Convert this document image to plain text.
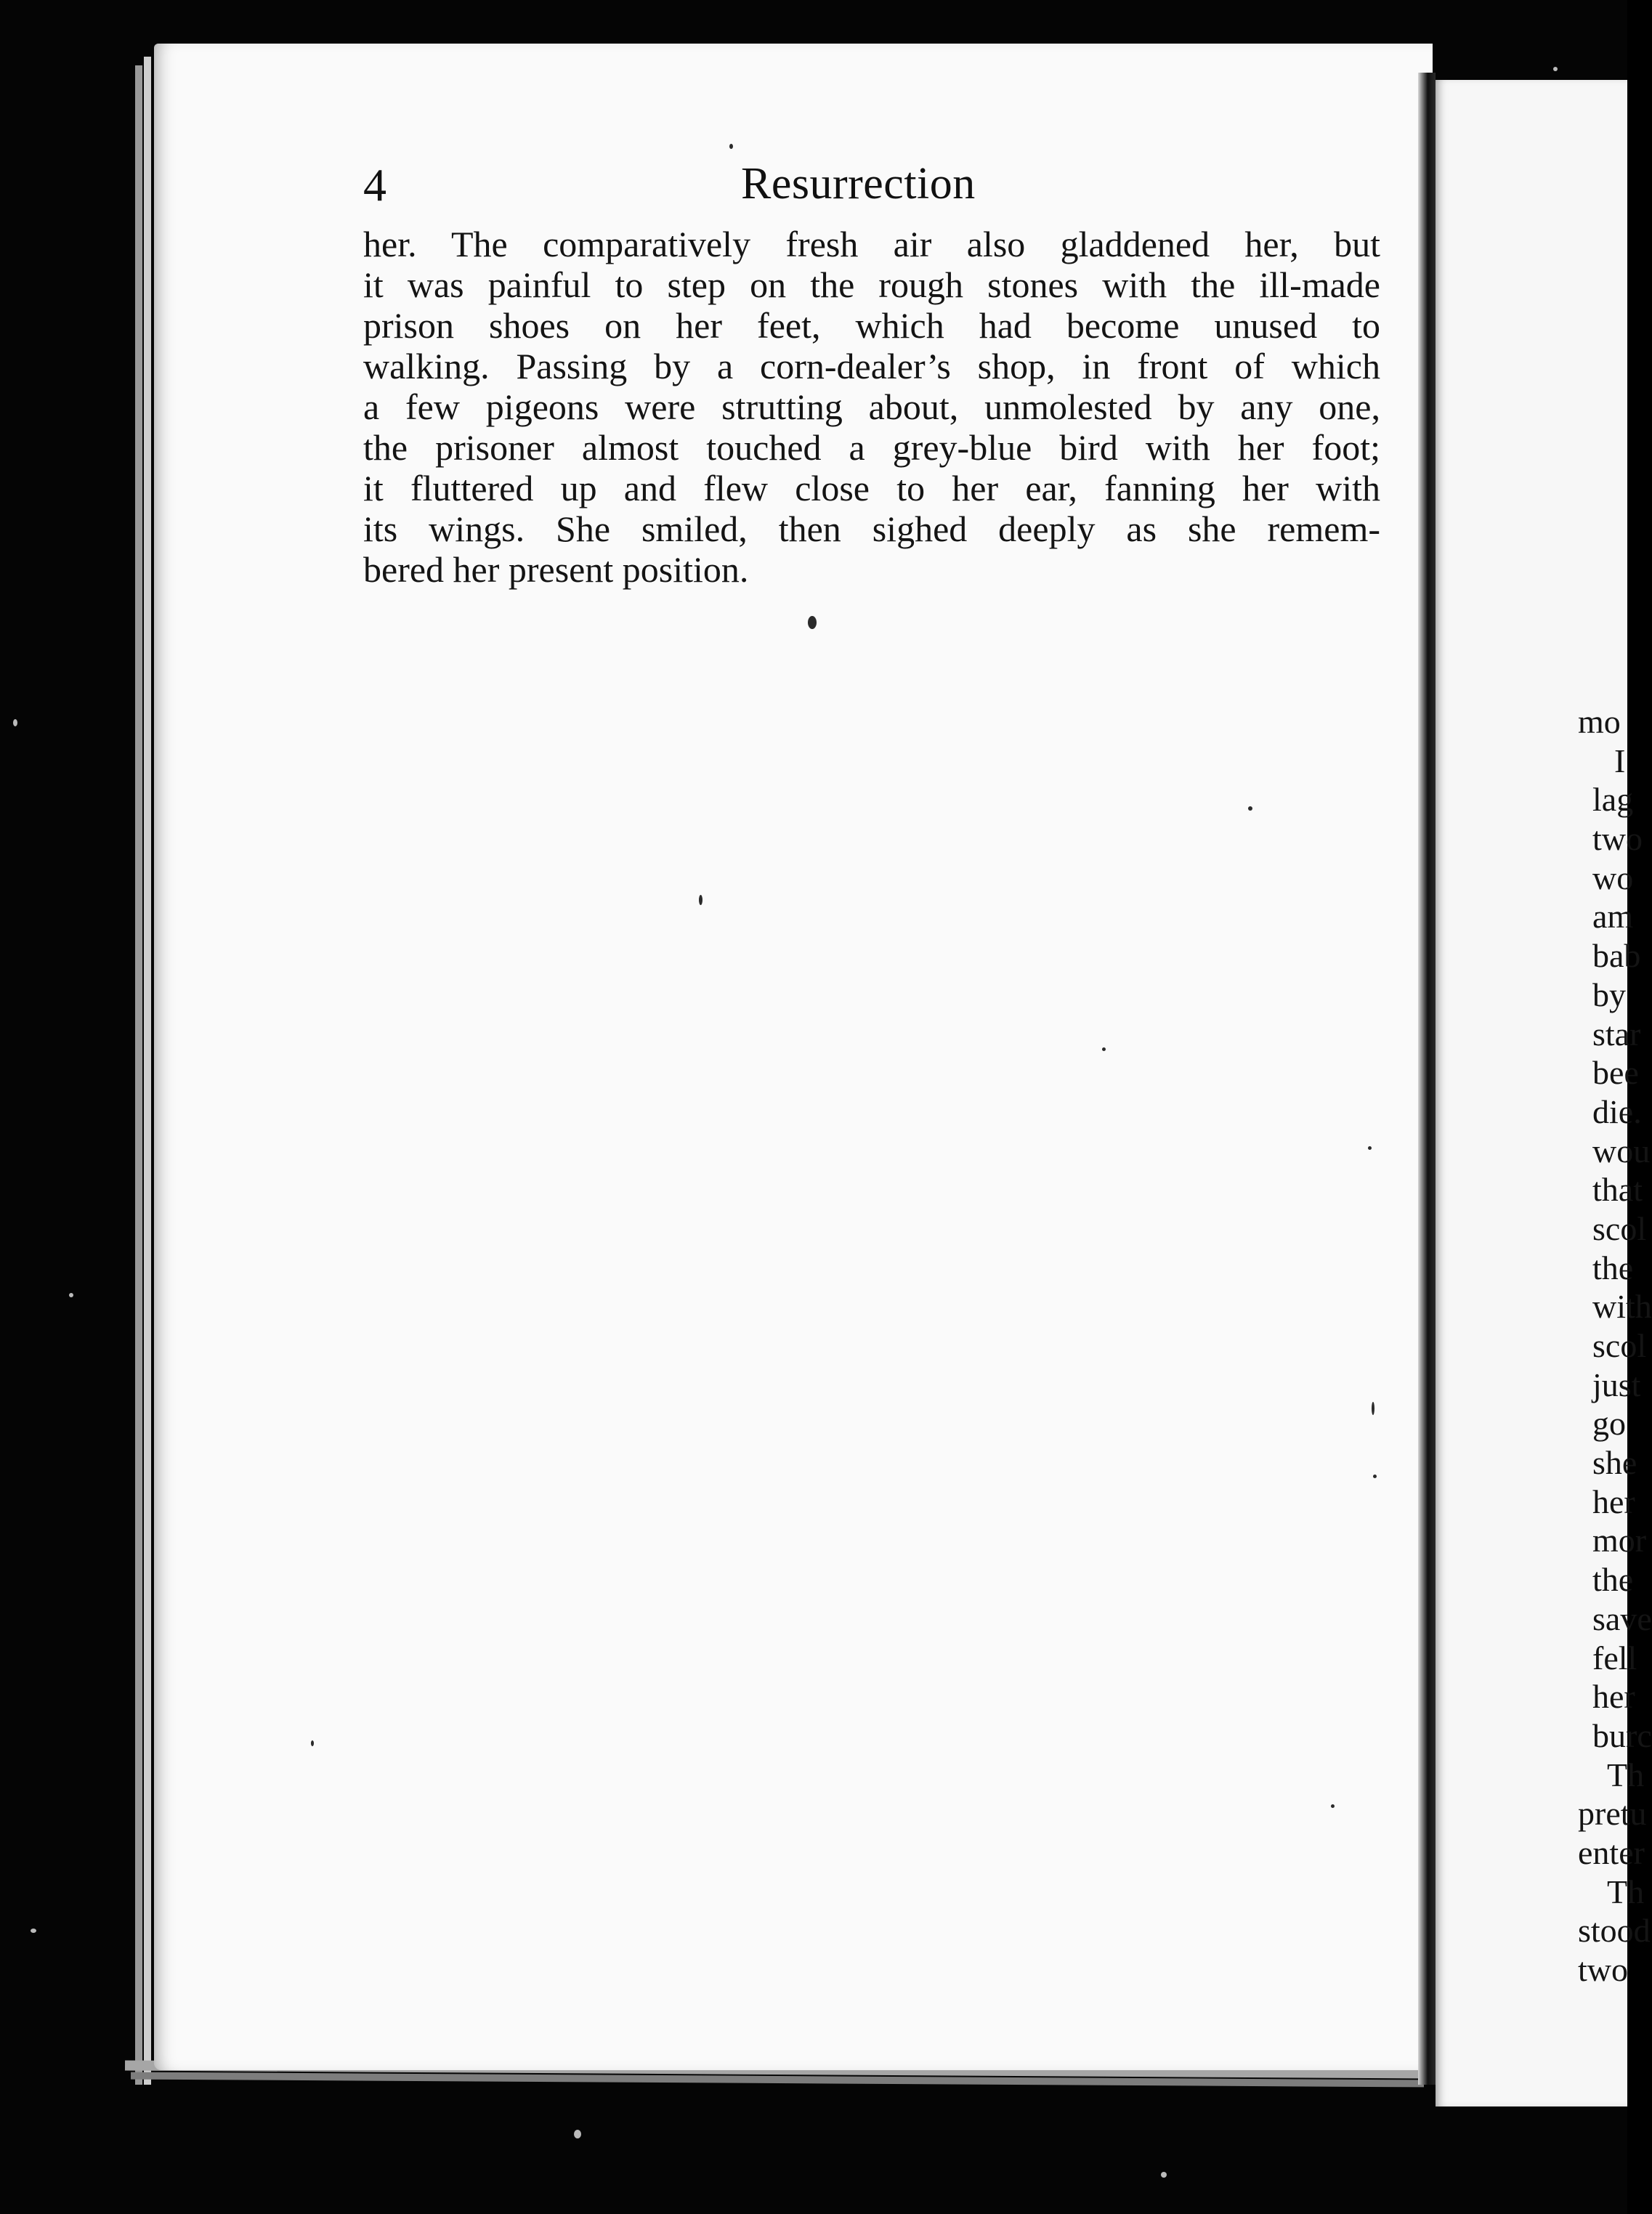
4	Resurrection
her. The comparatively fresh air also gladdened her, but
it was painful to step on the rough stones with the ill-made
prison shoes on her feet, which had become unused to
walking. Passing by a corn-dealer’s shop, in front of which
a few pigeons were strutting about, unmolested by any one,
the prisoner almost touched a grey-blue bird with her foot;
it fluttered up and flew close to her ear, fanning her with
its wings. She smiled, then sighed deeply as she remem-
bered her present position.
mo
I
lag
two
wo
am
bab
by
star
bee
die.
wou
that
scol
the
with
scol
just
go
she
her
mor
the
save
fell
her
burc
Th
pretu
enter
Th
stood
two
